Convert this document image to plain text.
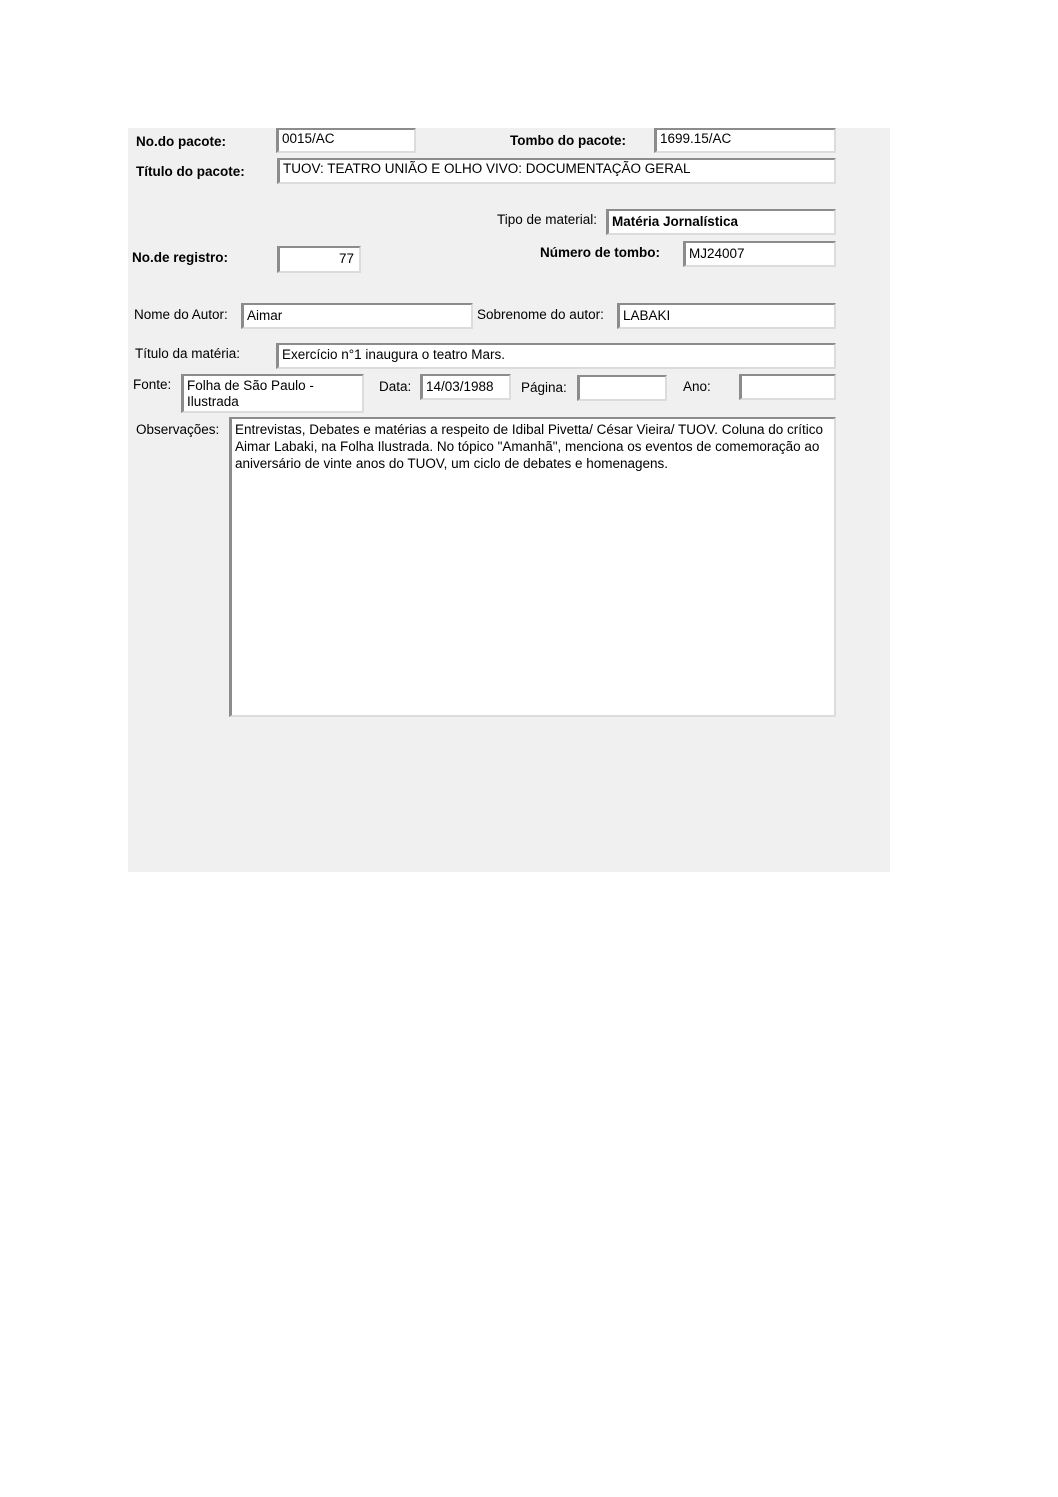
No.do pacote:	0015/AC	Tombo do pacote:	1699.15/AC
Título do pacote:	TUOV: TEATRO UNIÃO E OLHO VIVO: DOCUMENTAÇÃO GERAL
Tipo de material:	Matéria Jornalística
No.de registro:	77	Número de tombo:	MJ24007
Nome do Autor:	Aimar	Sobrenome do autor:	LABAKI
Título da matéria:	Exercício n°1 inaugura o teatro Mars.
Fonte:	Folha de São Paulo - Ilustrada
Data:	14/03/1988	Página:	Ano:
Observações:	Entrevistas, Debates e matérias a respeito de Idibal Pivetta/ César Vieira/ TUOV. Coluna do crítico Aimar Labaki, na Folha Ilustrada. No tópico "Amanhã", menciona os eventos de comemoração ao aniversário de vinte anos do TUOV, um ciclo de debates e homenagens.
